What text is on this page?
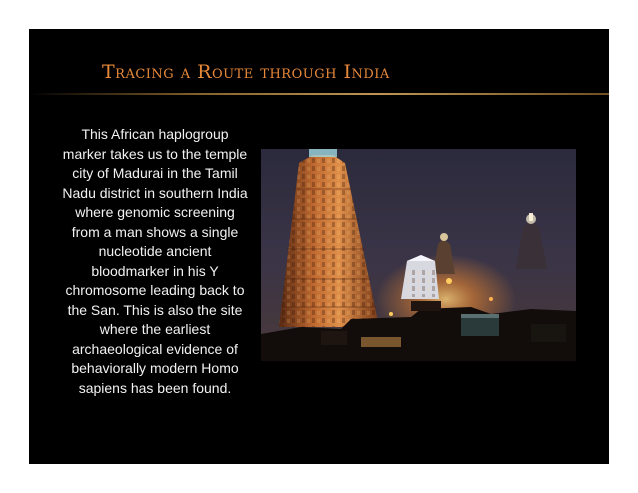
Tracing a Route through India

This African haplogroup marker takes us to the temple city of Madurai in the Tamil Nadu district in southern India where genomic screening from a man shows a single nucleotide ancient bloodmarker in his Y chromosome leading back to the San. This is also the site where the earliest archaeological evidence of behaviorally modern Homo sapiens has been found.
